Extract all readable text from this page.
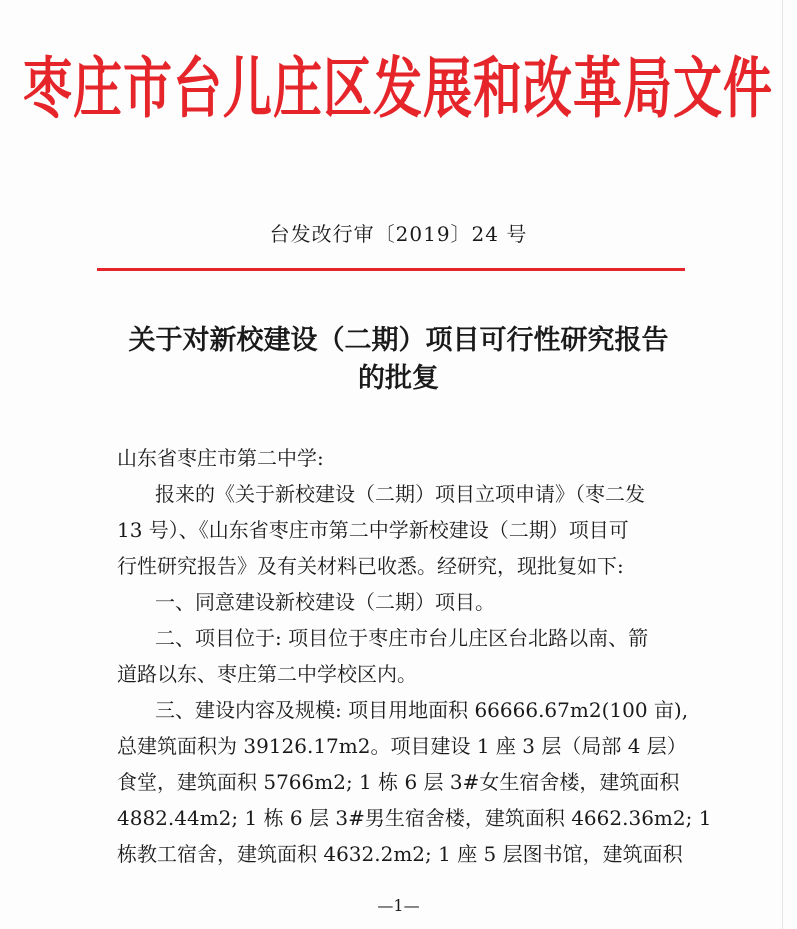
枣庄市台儿庄区发展和改革局文件
台发改行审〔2019〕24 号
关于对新校建设（二期）项目可行性研究报告
的批复

山东省枣庄市第二中学:

报来的《关于新校建设（二期）项目立项申请》（枣二发

13 号）、《山东省枣庄市第二中学新校建设（二期）项目可

行性研究报告》及有关材料已收悉。经研究，现批复如下:

一、同意建设新校建设（二期）项目。

二、项目位于: 项目位于枣庄市台儿庄区台北路以南、箭

道路以东、枣庄第二中学校区内。

三、建设内容及规模: 项目用地面积 66666.67m2(100 亩),

总建筑面积为 39126.17m2。项目建设 1 座 3 层（局部 4 层）

食堂，建筑面积 5766m2; 1 栋 6 层 3#女生宿舍楼，建筑面积

4882.44m2; 1 栋 6 层 3#男生宿舍楼，建筑面积 4662.36m2; 1

栋教工宿舍，建筑面积 4632.2m2; 1 座 5 层图书馆，建筑面积

—1—
